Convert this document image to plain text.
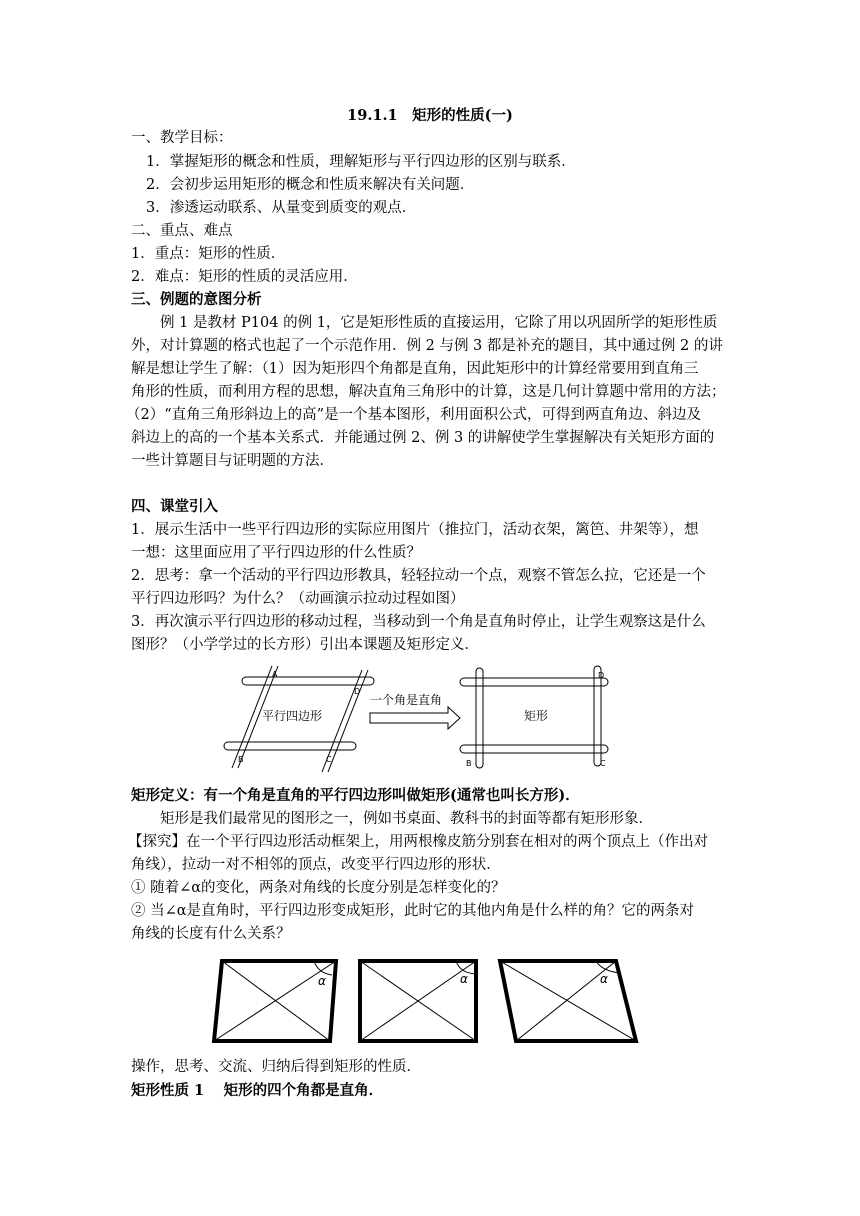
19.1.1　矩形的性质(一)
一、教学目标：
1．掌握矩形的概念和性质，理解矩形与平行四边形的区别与联系．
2．会初步运用矩形的概念和性质来解决有关问题．
3．渗透运动联系、从量变到质变的观点．
二、重点、难点
1．重点：矩形的性质．
2．难点：矩形的性质的灵活应用．
三、例题的意图分析
例 1 是教材 P104 的例 1，它是矩形性质的直接运用，它除了用以巩固所学的矩形性质
外，对计算题的格式也起了一个示范作用．例 2 与例 3 都是补充的题目，其中通过例 2 的讲
解是想让学生了解：（1）因为矩形四个角都是直角，因此矩形中的计算经常要用到直角三
角形的性质，而利用方程的思想，解决直角三角形中的计算，这是几何计算题中常用的方法；
（2）“直角三角形斜边上的高”是一个基本图形，利用面积公式，可得到两直角边、斜边及
斜边上的高的一个基本关系式．并能通过例 2、例 3 的讲解使学生掌握解决有关矩形方面的
一些计算题目与证明题的方法．
四、课堂引入
1．展示生活中一些平行四边形的实际应用图片（推拉门，活动衣架，篱笆、井架等），想
一想：这里面应用了平行四边形的什么性质？
2．思考：拿一个活动的平行四边形教具，轻轻拉动一个点，观察不管怎么拉，它还是一个
平行四边形吗？为什么？（动画演示拉动过程如图）
3．再次演示平行四边形的移动过程，当移动到一个角是直角时停止，让学生观察这是什么
图形？（小学学过的长方形）引出本课题及矩形定义．
平行四边形
一个角是直角
矩形
A
D
B	C
D
B	C
矩形定义：有一个角是直角的平行四边形叫做矩形(通常也叫长方形)．
矩形是我们最常见的图形之一，例如书桌面、教科书的封面等都有矩形形象．
【探究】在一个平行四边形活动框架上，用两根橡皮筋分别套在相对的两个顶点上（作出对
角线），拉动一对不相邻的顶点，改变平行四边形的形状．
① 随着∠α的变化，两条对角线的长度分别是怎样变化的？
② 当∠α是直角时，平行四边形变成矩形，此时它的其他内角是什么样的角？它的两条对
角线的长度有什么关系？
α	α	α
操作，思考、交流、归纳后得到矩形的性质．
矩形性质 1　 矩形的四个角都是直角．
